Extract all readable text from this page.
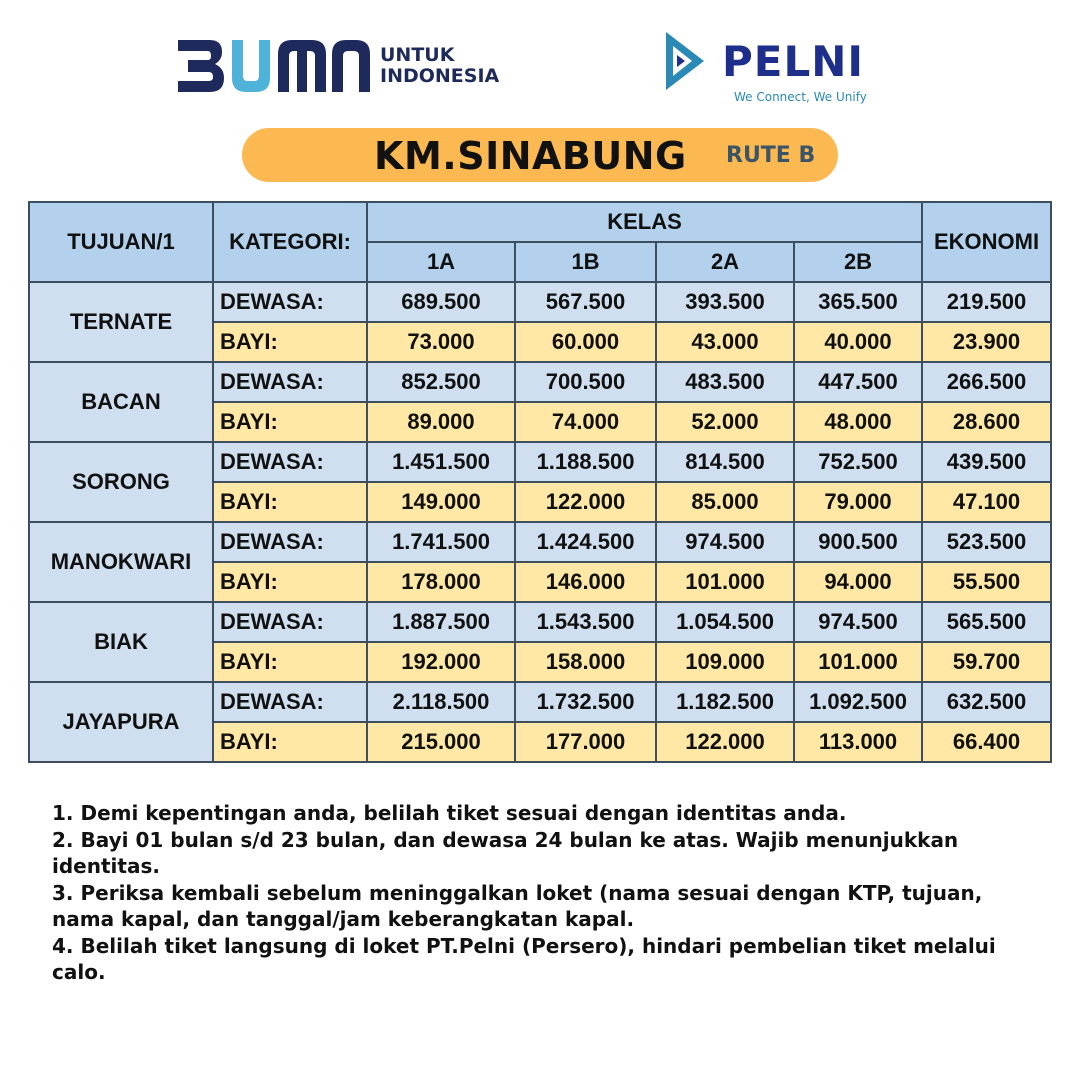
UNTUK
INDONESIA	PELNI
We Connect, We Unify
KM.SINABUNG RUTE B
TUJUAN/1	KATEGORI:	KELAS				EKONOMI
		1A	1B	2A	2B	
TERNATE	DEWASA:	689.500	567.500	393.500	365.500	219.500
	BAYI:	73.000	60.000	43.000	40.000	23.900
BACAN	DEWASA:	852.500	700.500	483.500	447.500	266.500
	BAYI:	89.000	74.000	52.000	48.000	28.600
SORONG	DEWASA:	1.451.500	1.188.500	814.500	752.500	439.500
	BAYI:	149.000	122.000	85.000	79.000	47.100
MANOKWARI	DEWASA:	1.741.500	1.424.500	974.500	900.500	523.500
	BAYI:	178.000	146.000	101.000	94.000	55.500
BIAK	DEWASA:	1.887.500	1.543.500	1.054.500	974.500	565.500
	BAYI:	192.000	158.000	109.000	101.000	59.700
JAYAPURA	DEWASA:	2.118.500	1.732.500	1.182.500	1.092.500	632.500
	BAYI:	215.000	177.000	122.000	113.000	66.400

1. Demi kepentingan anda, belilah tiket sesuai dengan identitas anda.

2. Bayi 01 bulan s/d 23 bulan, dan dewasa 24 bulan ke atas. Wajib menunjukkan identitas.

3. Periksa kembali sebelum meninggalkan loket (nama sesuai dengan KTP, tujuan, nama kapal, dan tanggal/jam keberangkatan kapal.

4. Belilah tiket langsung di loket PT.Pelni (Persero), hindari pembelian tiket melalui calo.
